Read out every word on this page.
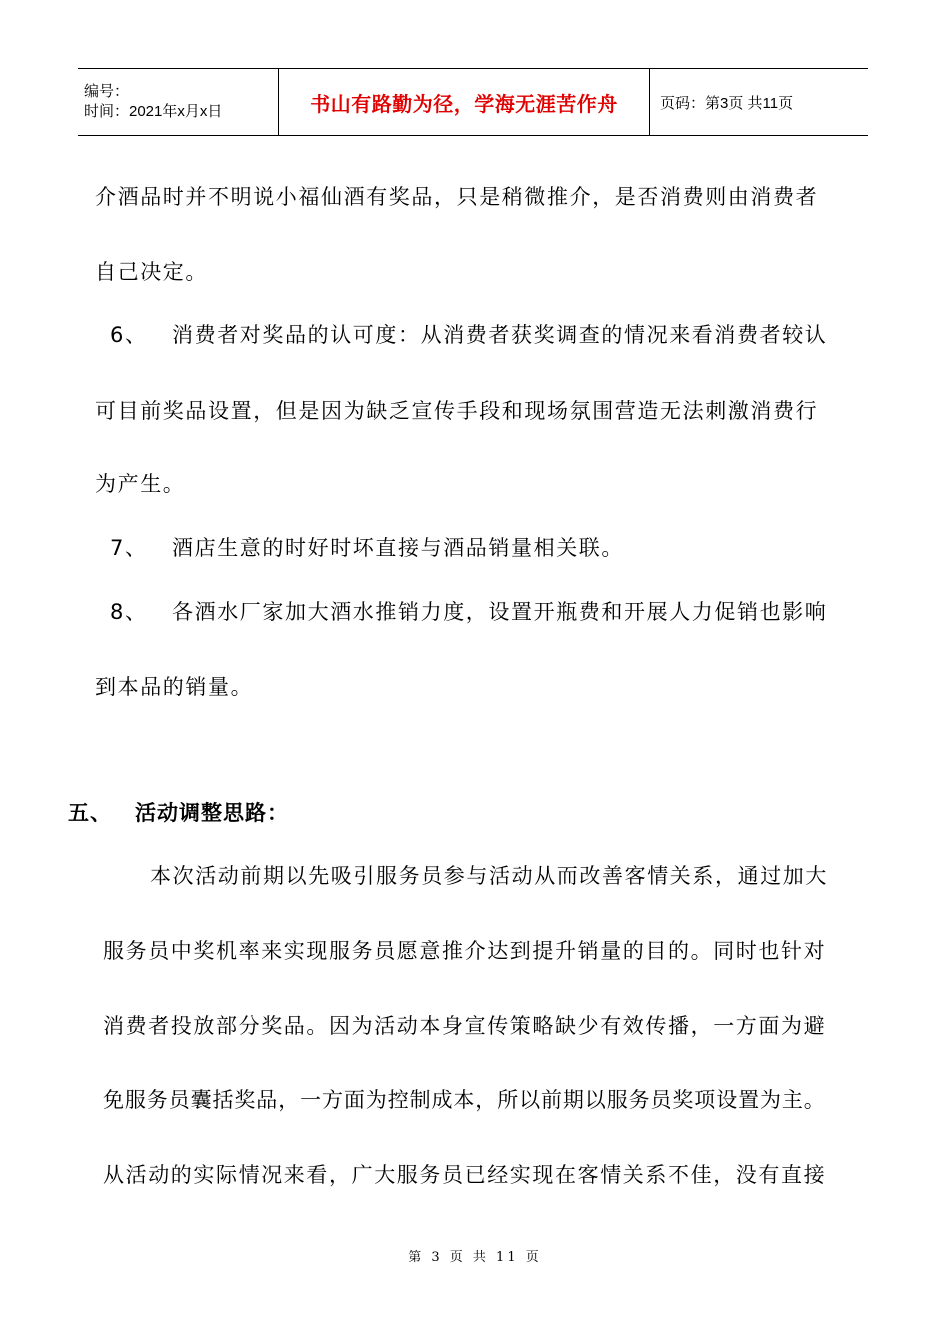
编号：
时间：2021年x月x日	书山有路勤为径，学海无涯苦作舟	页码：第3页 共11页
介酒品时并不明说小福仙酒有奖品，只是稍微推介，是否消费则由消费者
自己决定。
6、 消费者对奖品的认可度：从消费者获奖调查的情况来看消费者较认
可目前奖品设置，但是因为缺乏宣传手段和现场氛围营造无法刺激消费行
为产生。
7、 酒店生意的时好时坏直接与酒品销量相关联。
8、 各酒水厂家加大酒水推销力度，设置开瓶费和开展人力促销也影响
到本品的销量。
五、 活动调整思路：
本次活动前期以先吸引服务员参与活动从而改善客情关系，通过加大
服务员中奖机率来实现服务员愿意推介达到提升销量的目的。同时也针对
消费者投放部分奖品。因为活动本身宣传策略缺少有效传播，一方面为避
免服务员囊括奖品，一方面为控制成本，所以前期以服务员奖项设置为主。
从活动的实际情况来看，广大服务员已经实现在客情关系不佳，没有直接
第 3 页 共 11 页
